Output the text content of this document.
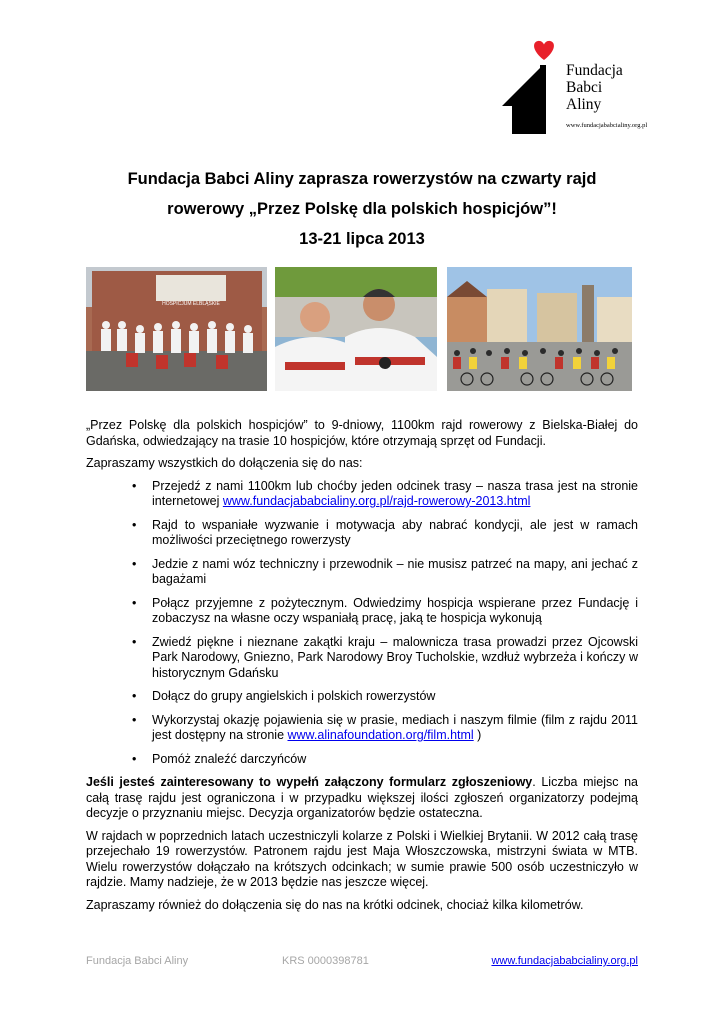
Fundacja
Babci
Aliny
www.fundacjababcialiny.org.pl
Fundacja Babci Aliny zaprasza rowerzystów na czwarty rajd
rowerowy „Przez Polskę dla polskich hospicjów”!
13-21 lipca 2013
HOSPICJUM ELBLĄSKIE

„Przez Polskę dla polskich hospicjów” to 9-dniowy, 1100km rajd rowerowy z Bielska-Białej do Gdańska, odwiedzający na trasie 10 hospicjów, które otrzymają sprzęt od Fundacji.

Zapraszamy wszystkich do dołączenia się do nas:

• Przejedź z nami 1100km lub choćby jeden odcinek trasy – nasza trasa jest na stronie internetowej www.fundacjababcialiny.org.pl/rajd-rowerowy-2013.html
• Rajd to wspaniałe wyzwanie i motywacja aby nabrać kondycji, ale jest w ramach możliwości przeciętnego rowerzysty
• Jedzie z nami wóz techniczny i przewodnik – nie musisz patrzeć na mapy, ani jechać z bagażami
• Połącz przyjemne z pożytecznym. Odwiedzimy hospicja wspierane przez Fundację i zobaczysz na własne oczy wspaniałą pracę, jaką te hospicja wykonują
• Zwiedź piękne i nieznane zakątki kraju – malownicza trasa prowadzi przez Ojcowski Park Narodowy, Gniezno, Park Narodowy Broy Tucholskie, wzdłuż wybrzeża i kończy w historycznym Gdańsku
• Dołącz do grupy angielskich i polskich rowerzystów
• Wykorzystaj okazję pojawienia się w prasie, mediach i naszym filmie (film z rajdu 2011 jest dostępny na stronie www.alinafoundation.org/film.html )
• Pomóż znaleźć darczyńców

Jeśli jesteś zainteresowany to wypełń załączony formularz zgłoszeniowy. Liczba miejsc na całą trasę rajdu jest ograniczona i w przypadku większej ilości zgłoszeń organizatorzy podejmą decyzje o przyznaniu miejsc. Decyzja organizatorów będzie ostateczna.

W rajdach w poprzednich latach uczestniczyli kolarze z Polski i Wielkiej Brytanii. W 2012 całą trasę przejechało 19 rowerzystów. Patronem rajdu jest Maja Włoszczowska, mistrzyni świata w MTB. Wielu rowerzystów dołączało na krótszych odcinkach; w sumie prawie 500 osób uczestniczyło w rajdzie. Mamy nadzieje, że w 2013 będzie nas jeszcze więcej.

Zapraszamy również do dołączenia się do nas na krótki odcinek, chociaż kilka kilometrów.

Fundacja Babci Aliny	KRS 0000398781	www.fundacjababcialiny.org.pl
